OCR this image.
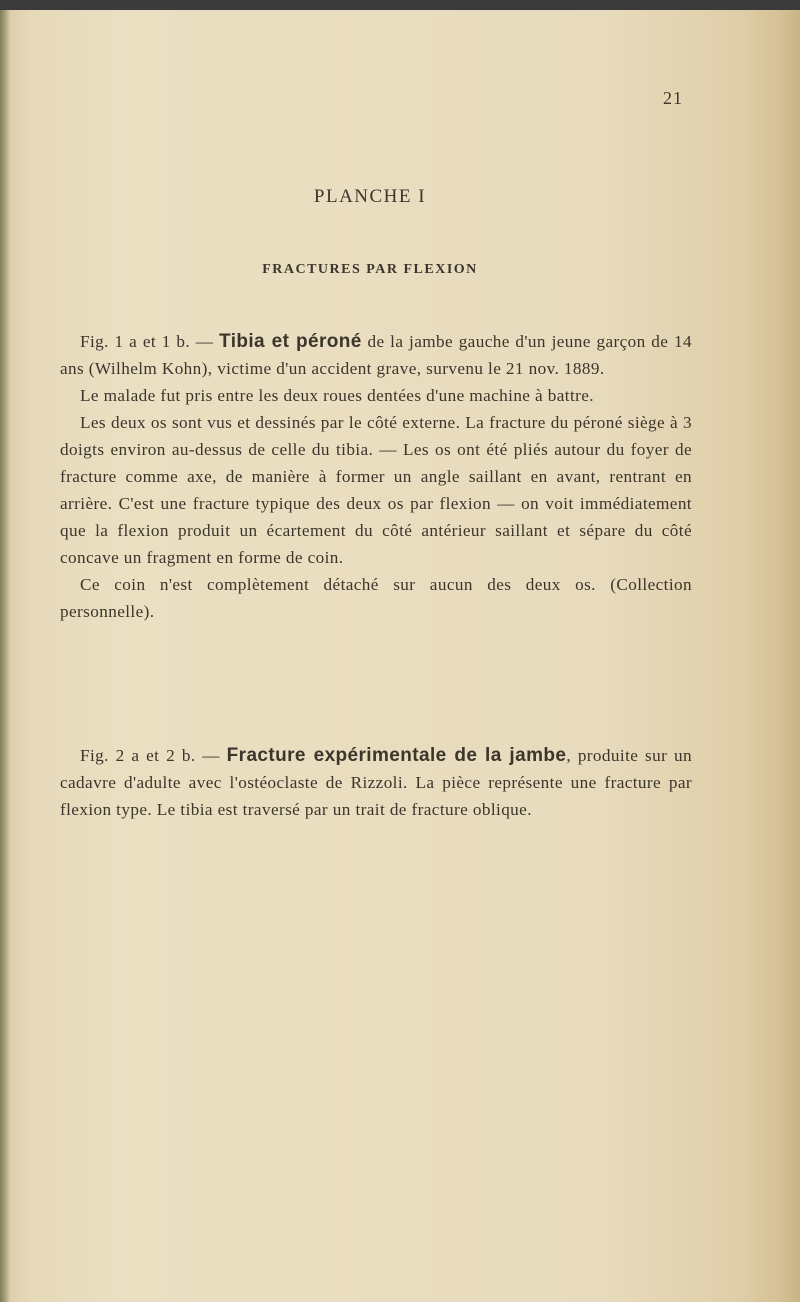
21
PLANCHE I
FRACTURES PAR FLEXION

Fig. 1 a et 1 b. — Tibia et péroné de la jambe gauche d'un jeune garçon de 14 ans (Wilhelm Kohn), victime d'un accident grave, survenu le 21 nov. 1889.

Le malade fut pris entre les deux roues dentées d'une machine à battre.

Les deux os sont vus et dessinés par le côté externe. La fracture du péroné siège à 3 doigts environ au-dessus de celle du tibia. — Les os ont été pliés autour du foyer de fracture comme axe, de manière à former un angle saillant en avant, rentrant en arrière. C'est une fracture typique des deux os par flexion — on voit immédiatement que la flexion produit un écartement du côté antérieur saillant et sépare du côté concave un fragment en forme de coin.

Ce coin n'est complètement détaché sur aucun des deux os. (Collection personnelle).

Fig. 2 a et 2 b. — Fracture expérimentale de la jambe, produite sur un cadavre d'adulte avec l'ostéoclaste de Rizzoli. La pièce représente une fracture par flexion type. Le tibia est traversé par un trait de fracture oblique.
